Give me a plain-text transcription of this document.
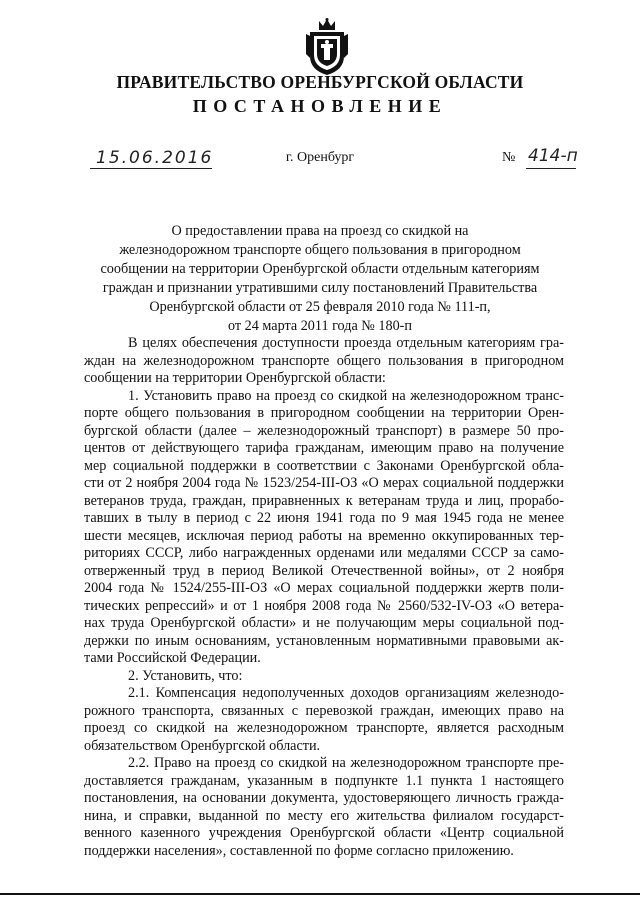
ПРАВИТЕЛЬСТВО ОРЕНБУРГСКОЙ ОБЛАСТИ
ПОСТАНОВЛЕНИЕ
15.06.2016	г. Оренбург	№ 414-п
О предоставлении права на проезд со скидкой на
железнодорожном транспорте общего пользования в пригородном
сообщении на территории Оренбургской области отдельным категориям
граждан и признании утратившими силу постановлений Правительства
Оренбургской области от 25 февраля 2010 года № 111-п,
от 24 марта 2011 года № 180-п
В целях обеспечения доступности проезда отдельным категориям гра-
ждан на железнодорожном транспорте общего пользования в пригородном
сообщении на территории Оренбургской области:
1. Установить право на проезд со скидкой на железнодорожном транс-
порте общего пользования в пригородном сообщении на территории Орен-
бургской области (далее – железнодорожный транспорт) в размере 50 про-
центов от действующего тарифа гражданам, имеющим право на получение
мер социальной поддержки в соответствии с Законами Оренбургской обла-
сти от 2 ноября 2004 года № 1523/254-III-ОЗ «О мерах социальной поддержки
ветеранов труда, граждан, приравненных к ветеранам труда и лиц, прорабо-
тавших в тылу в период с 22 июня 1941 года по 9 мая 1945 года не менее
шести месяцев, исключая период работы на временно оккупированных тер-
риториях СССР, либо награжденных орденами или медалями СССР за само-
отверженный труд в период Великой Отечественной войны», от 2 ноября
2004 года № 1524/255-III-ОЗ «О мерах социальной поддержки жертв поли-
тических репрессий» и от 1 ноября 2008 года № 2560/532-IV-ОЗ «О ветера-
нах труда Оренбургской области» и не получающим меры социальной под-
держки по иным основаниям, установленным нормативными правовыми ак-
тами Российской Федерации.
2. Установить, что:
2.1. Компенсация недополученных доходов организациям железнодо-
рожного транспорта, связанных с перевозкой граждан, имеющих право на
проезд со скидкой на железнодорожном транспорте, является расходным
обязательством Оренбургской области.
2.2. Право на проезд со скидкой на железнодорожном транспорте пре-
доставляется гражданам, указанным в подпункте 1.1 пункта 1 настоящего
постановления, на основании документа, удостоверяющего личность гражда-
нина, и справки, выданной по месту его жительства филиалом государст-
венного казенного учреждения Оренбургской области «Центр социальной
поддержки населения», составленной по форме согласно приложению.
